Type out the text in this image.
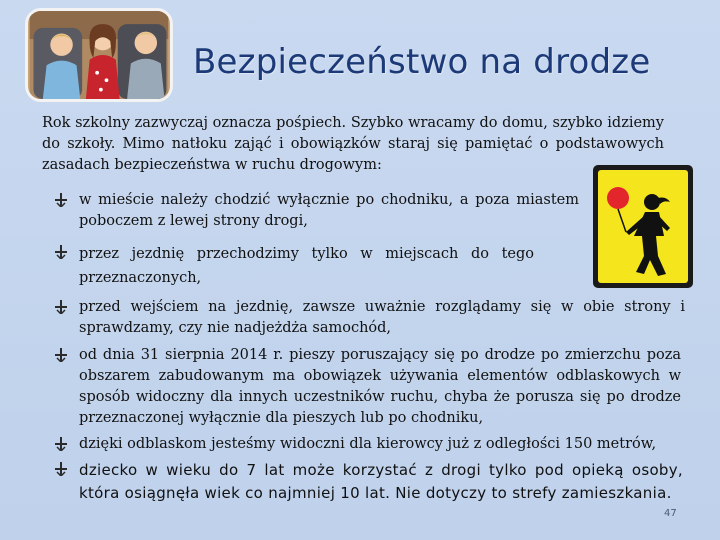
Bezpieczeństwo na drodze
Rok szkolny zazwyczaj oznacza pośpiech. Szybko wracamy do domu, szybko idziemy do szkoły. Mimo natłoku zająć i obowiązków staraj się pamiętać o podstawowych zasadach bezpieczeństwa w ruchu drogowym:
w mieście należy chodzić wyłącznie po chodniku, a poza miastem poboczem z lewej strony drogi,
przez jezdnię przechodzimy tylko w miejscach do tego przeznaczonych,
przed wejściem na jezdnię, zawsze uważnie rozglądamy się w obie strony i sprawdzamy, czy nie nadjeżdża samochód,
od dnia 31 sierpnia 2014 r. pieszy poruszający się po drodze po zmierzchu poza obszarem zabudowanym ma obowiązek używania elementów odblaskowych w sposób widoczny dla innych uczestników ruchu, chyba że porusza się po drodze przeznaczonej wyłącznie dla pieszych lub po chodniku,
dzięki odblaskom jesteśmy widoczni dla kierowcy już z odległości 150 metrów,
dziecko w wieku do 7 lat może korzystać z drogi tylko pod opieką osoby, która osiągnęła wiek co najmniej 10 lat. Nie dotyczy to strefy zamieszkania.
47
